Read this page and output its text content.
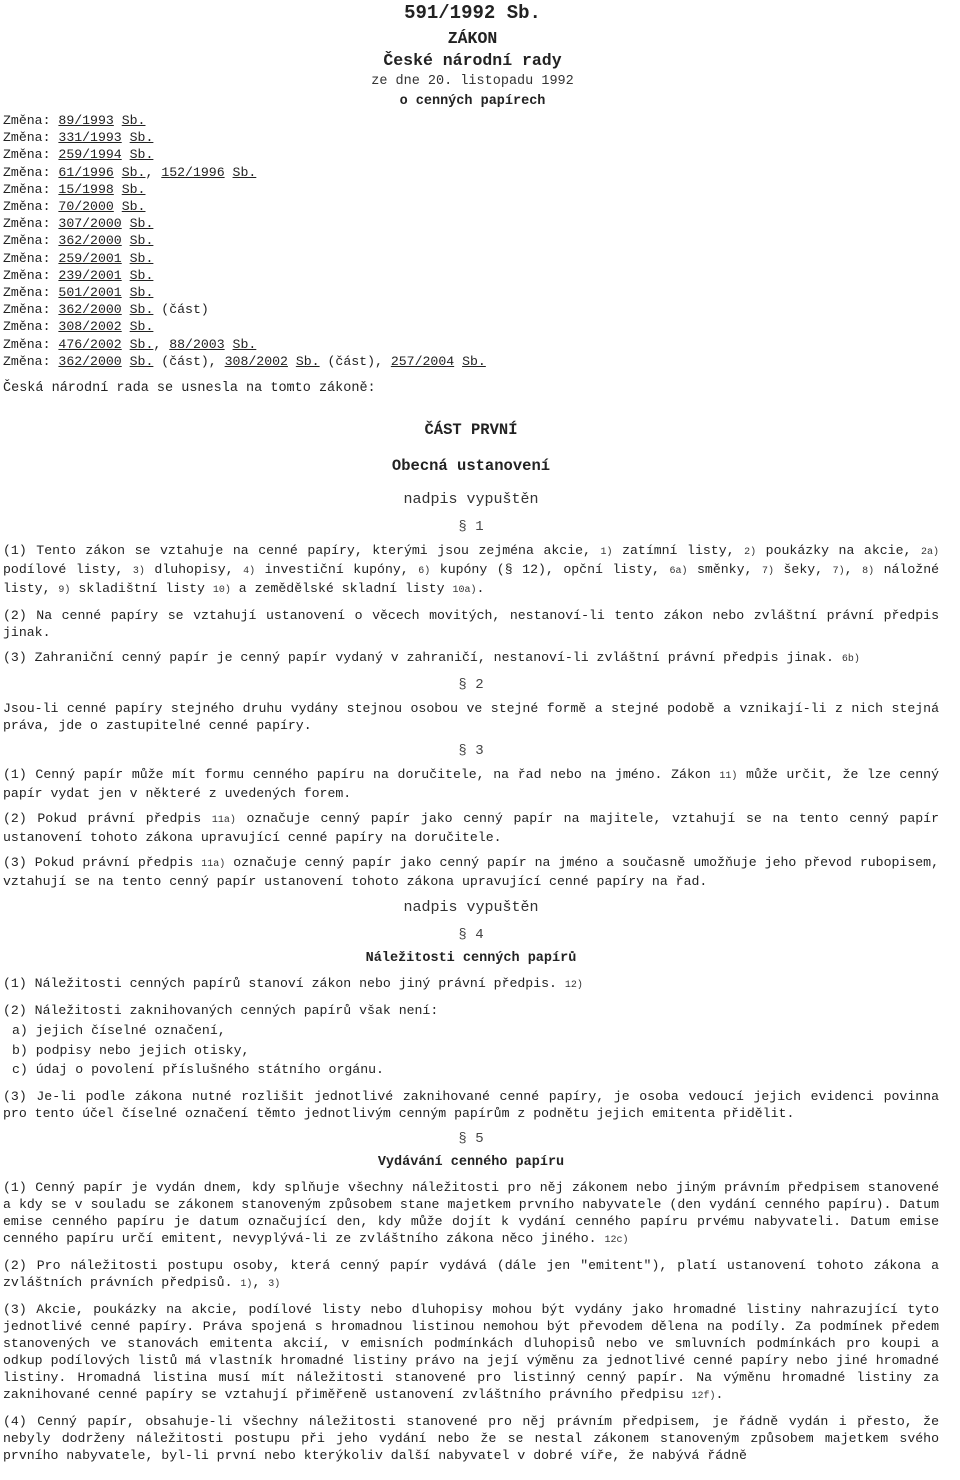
591/1992 Sb.
ZÁKON
České národní rady
ze dne 20. listopadu 1992
o cenných papírech
Změna: 89/1993 Sb.
Změna: 331/1993 Sb.
Změna: 259/1994 Sb.
Změna: 61/1996 Sb., 152/1996 Sb.
Změna: 15/1998 Sb.
Změna: 70/2000 Sb.
Změna: 307/2000 Sb.
Změna: 362/2000 Sb.
Změna: 259/2001 Sb.
Změna: 239/2001 Sb.
Změna: 501/2001 Sb.
Změna: 362/2000 Sb. (část)
Změna: 308/2002 Sb.
Změna: 476/2002 Sb., 88/2003 Sb.
Změna: 362/2000 Sb. (část), 308/2002 Sb. (část), 257/2004 Sb.
Česká národní rada se usnesla na tomto zákoně:
ČÁST PRVNÍ
Obecná ustanovení
nadpis vypuštěn
§ 1

(1) Tento zákon se vztahuje na cenné papíry, kterými jsou zejména akcie, 1) zatímní listy, 2) poukázky na akcie, 2a) podílové listy, 3) dluhopisy, 4) investiční kupóny, 6) kupóny (§ 12), opční listy, 6a) směnky, 7) šeky, 7), 8) náložné listy, 9) skladištní listy 10) a zemědělské skladní listy 10a).

(2) Na cenné papíry se vztahují ustanovení o věcech movitých, nestanoví-li tento zákon nebo zvláštní právní předpis jinak.

(3) Zahraniční cenný papír je cenný papír vydaný v zahraničí, nestanoví-li zvláštní právní předpis jinak. 6b)

§ 2

Jsou-li cenné papíry stejného druhu vydány stejnou osobou ve stejné formě a stejné podobě a vznikají-li z nich stejná práva, jde o zastupitelné cenné papíry.

§ 3

(1) Cenný papír může mít formu cenného papíru na doručitele, na řad nebo na jméno. Zákon 11) může určit, že lze cenný papír vydat jen v některé z uvedených forem.

(2) Pokud právní předpis 11a) označuje cenný papír jako cenný papír na majitele, vztahují se na tento cenný papír ustanovení tohoto zákona upravující cenné papíry na doručitele.

(3) Pokud právní předpis 11a) označuje cenný papír jako cenný papír na jméno a současně umožňuje jeho převod rubopisem, vztahují se na tento cenný papír ustanovení tohoto zákona upravující cenné papíry na řad.

nadpis vypuštěn
§ 4
Náležitosti cenných papírů

(1) Náležitosti cenných papírů stanoví zákon nebo jiný právní předpis. 12)

(2) Náležitosti zaknihovaných cenných papírů však není:

a) jejich číselné označení,
b) podpisy nebo jejich otisky,
c) údaj o povolení příslušného státního orgánu.

(3) Je-li podle zákona nutné rozlišit jednotlivé zaknihované cenné papíry, je osoba vedoucí jejich evidenci povinna pro tento účel číselné označení těmto jednotlivým cenným papírům z podnětu jejich emitenta přidělit.

§ 5
Vydávání cenného papíru

(1) Cenný papír je vydán dnem, kdy splňuje všechny náležitosti pro něj zákonem nebo jiným právním předpisem stanovené a kdy se v souladu se zákonem stanoveným způsobem stane majetkem prvního nabyvatele (den vydání cenného papíru). Datum emise cenného papíru je datum označující den, kdy může dojít k vydání cenného papíru prvému nabyvateli. Datum emise cenného papíru určí emitent, nevyplývá-li ze zvláštního zákona něco jiného. 12c)

(2) Pro náležitosti postupu osoby, která cenný papír vydává (dále jen "emitent"), platí ustanovení tohoto zákona a zvláštních právních předpisů. 1), 3)

(3) Akcie, poukázky na akcie, podílové listy nebo dluhopisy mohou být vydány jako hromadné listiny nahrazující tyto jednotlivé cenné papíry. Práva spojená s hromadnou listinou nemohou být převodem dělena na podíly. Za podmínek předem stanovených ve stanovách emitenta akcií, v emisních podmínkách dluhopisů nebo ve smluvních podmínkách pro koupi a odkup podílových listů má vlastník hromadné listiny právo na její výměnu za jednotlivé cenné papíry nebo jiné hromadné listiny. Hromadná listina musí mít náležitosti stanovené pro listinný cenný papír. Na výměnu hromadné listiny za zaknihované cenné papíry se vztahují přiměřeně ustanovení zvláštního právního předpisu 12f).

(4) Cenný papír, obsahuje-li všechny náležitosti stanovené pro něj právním předpisem, je řádně vydán i přesto, že nebyly dodrženy náležitosti postupu při jeho vydání nebo že se nestal zákonem stanoveným způsobem majetkem svého prvního nabyvatele, byl-li první nebo kterýkoliv další nabyvatel v dobré víře, že nabývá řádně
